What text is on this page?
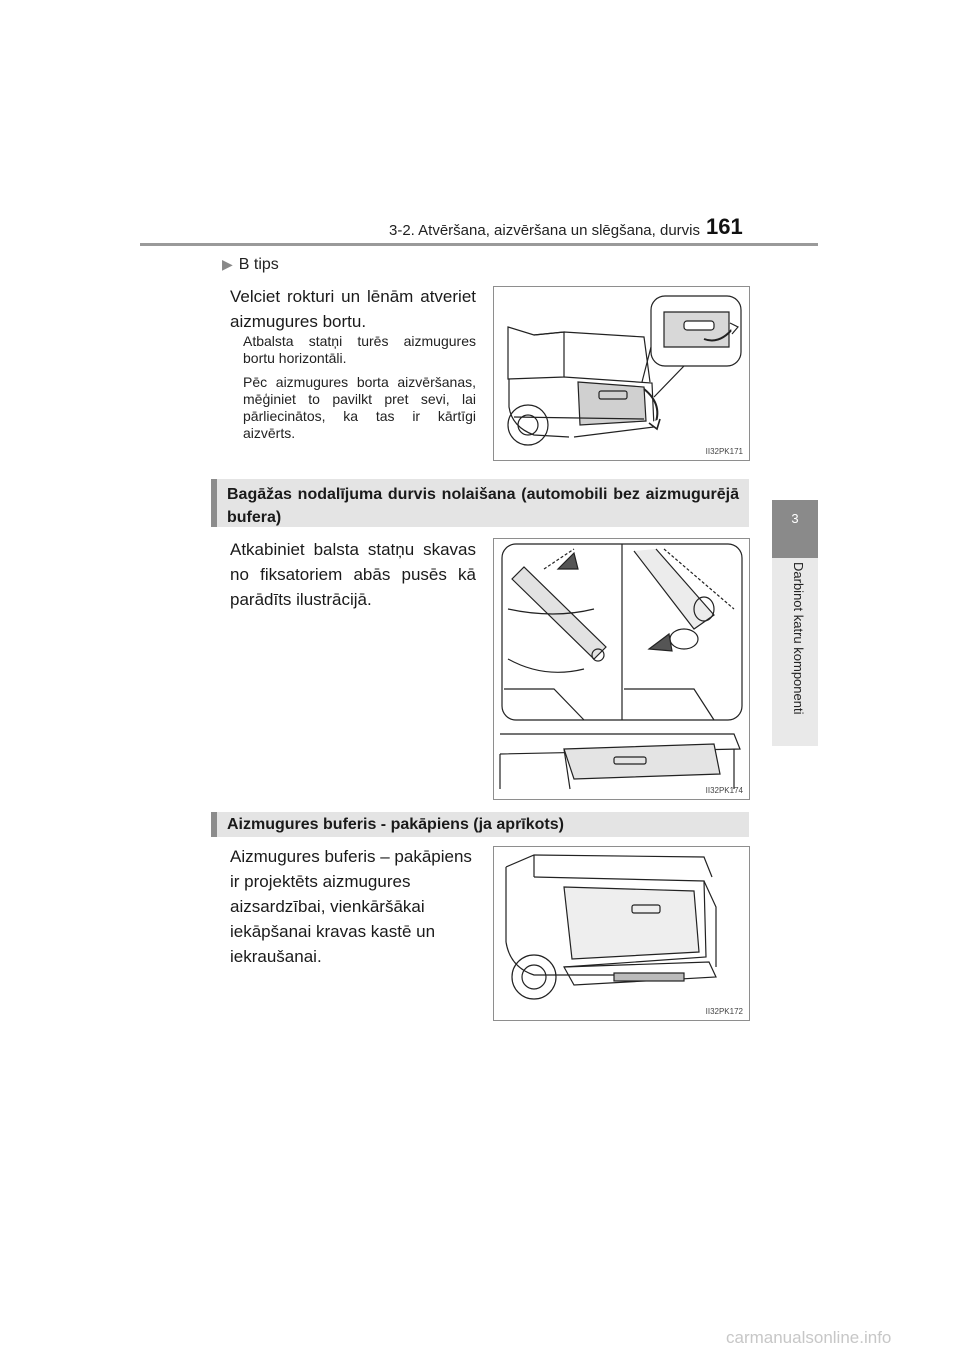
3-2. Atvēršana, aizvēršana un slēgšana, durvis 161
3
Darbinot katru komponenti
▶ B tips
Velciet rokturi un lēnām atveriet aizmugures bortu.
Atbalsta statņi turēs aizmugures bortu horizontāli.
Pēc aizmugures borta aizvēršanas, mēģiniet to pavilkt pret sevi, lai pārliecinātos, ka tas ir kārtīgi aizvērts.
II32PK171
Bagāžas nodalījuma durvis nolaišana (automobili bez aizmugurējā bufera)
Atkabiniet balsta statņu skavas no fiksatoriem abās pusēs kā parādīts ilustrācijā.
II32PK174
Aizmugures buferis - pakāpiens (ja aprīkots)
Aizmugures buferis – pakāpiens ir projektēts aizmugures aizsardzībai, vienkāršākai iekāpšanai kravas kastē un iekraušanai.
II32PK172
carmanualsonline.info
